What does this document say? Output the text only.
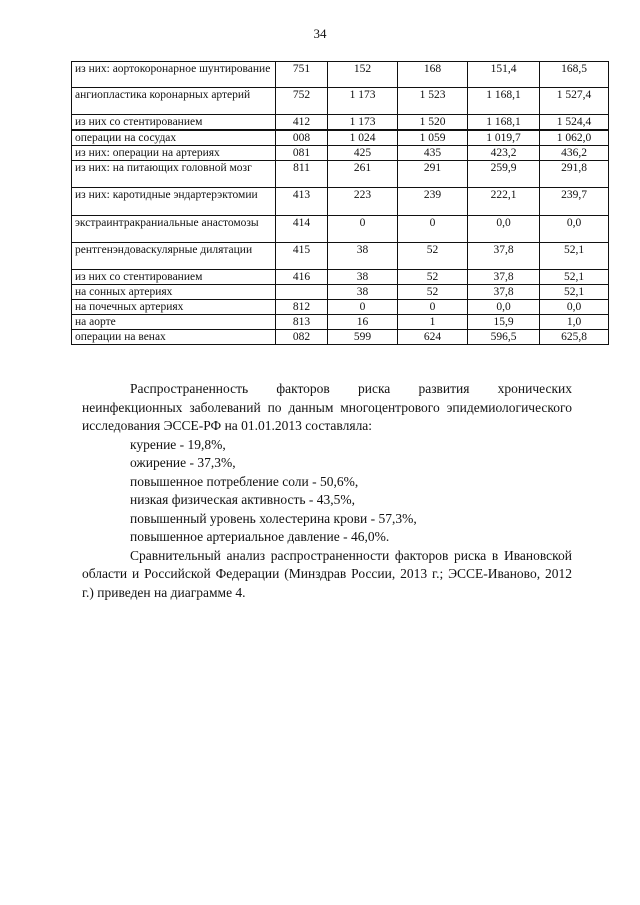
34
из них: аортокоронарное шунтирование	751	152	168	151,4	168,5
ангиопластика коронарных артерий	752	1 173	1 523	1 168,1	1 527,4
из них со стентированием	412	1 173	1 520	1 168,1	1 524,4
операции на сосудах	008	1 024	1 059	1 019,7	1 062,0
из них: операции на артериях	081	425	435	423,2	436,2
из них: на питающих головной мозг	811	261	291	259,9	291,8
из них: каротидные эндартерэктомии	413	223	239	222,1	239,7
экстраинтракраниальные анастомозы	414	0	0	0,0	0,0
рентгенэндоваскулярные дилятации	415	38	52	37,8	52,1
из них со стентированием	416	38	52	37,8	52,1
на сонных артериях		38	52	37,8	52,1
на почечных артериях	812	0	0	0,0	0,0
на аорте	813	16	1	15,9	1,0
операции на венах	082	599	624	596,5	625,8

Распространенность факторов риска развития хронических неинфекционных заболеваний по данным многоцентрового эпидемиологического исследования ЭССЕ-РФ на 01.01.2013 составляла:

курение - 19,8%,

ожирение - 37,3%,

повышенное потребление соли - 50,6%,

низкая физическая активность - 43,5%,

повышенный уровень холестерина крови - 57,3%,

повышенное артериальное давление - 46,0%.

Сравнительный анализ распространенности факторов риска в Ивановской области и Российской Федерации (Минздрав России, 2013 г.; ЭССЕ-Иваново, 2012 г.) приведен на диаграмме 4.
